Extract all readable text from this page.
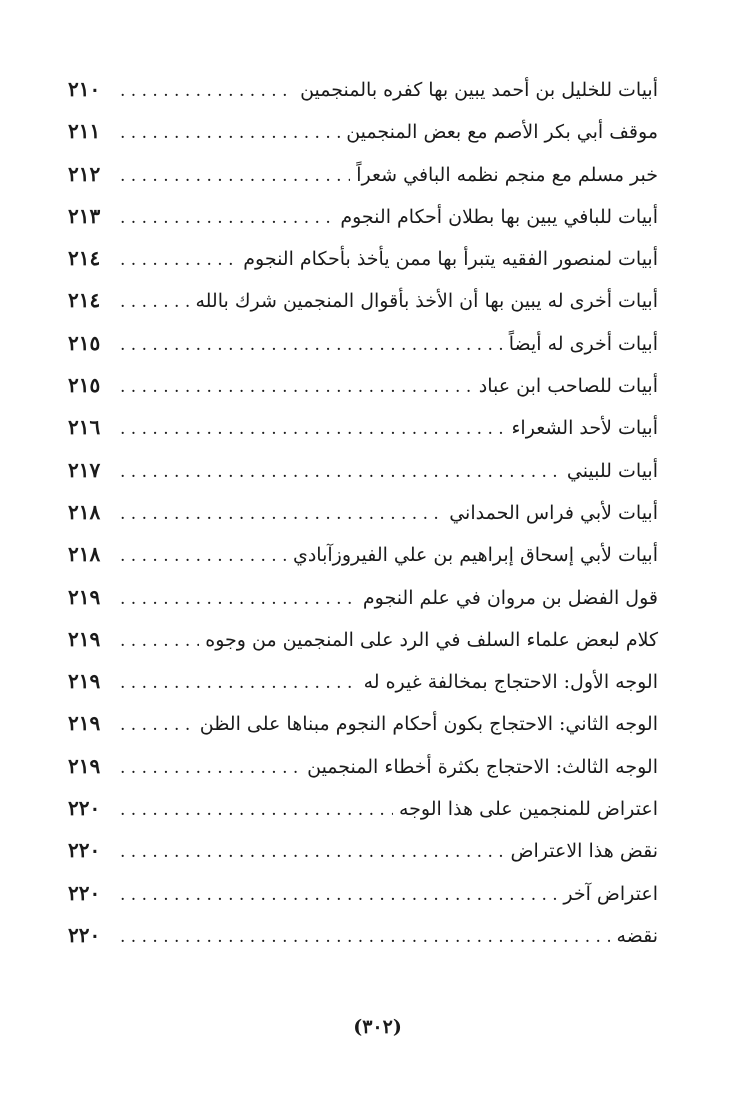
أبيات للخليل بن أحمد يبين بها كفره بالمنجمين
. . .
٢١٠
موقف أبي بكر الأصم مع بعض المنجمين
. . .
٢١١
خبر مسلم مع منجم نظمه البافي شعراً
. . .
٢١٢
أبيات للبافي يبين بها بطلان أحكام النجوم
. . .
٢١٣
أبيات لمنصور الفقيه يتبرأ بها ممن يأخذ بأحكام النجوم
. . .
٢١٤
أبيات أخرى له يبين بها أن الأخذ بأقوال المنجمين شرك بالله
. . .
٢١٤
أبيات أخرى له أيضاً
. . .
٢١٥
أبيات للصاحب ابن عباد
. . .
٢١٥
أبيات لأحد الشعراء
. . .
٢١٦
أبيات للبيني
. . .
٢١٧
أبيات لأبي فراس الحمداني
. . .
٢١٨
أبيات لأبي إسحاق إبراهيم بن علي الفيروزآبادي
. . .
٢١٨
قول الفضل بن مروان في علم النجوم
. . .
٢١٩
كلام لبعض علماء السلف في الرد على المنجمين من وجوه
. . .
٢١٩
الوجه الأول: الاحتجاج بمخالفة غيره له
. . .
٢١٩
الوجه الثاني: الاحتجاج بكون أحكام النجوم مبناها على الظن
. . .
٢١٩
الوجه الثالث: الاحتجاج بكثرة أخطاء المنجمين
. . .
٢١٩
اعتراض للمنجمين على هذا الوجه
. . .
٢٢٠
نقض هذا الاعتراض
. . .
٢٢٠
اعتراض آخر
. . .
٢٢٠
نقضه
. . .
٢٢٠
(٣٠٢)
